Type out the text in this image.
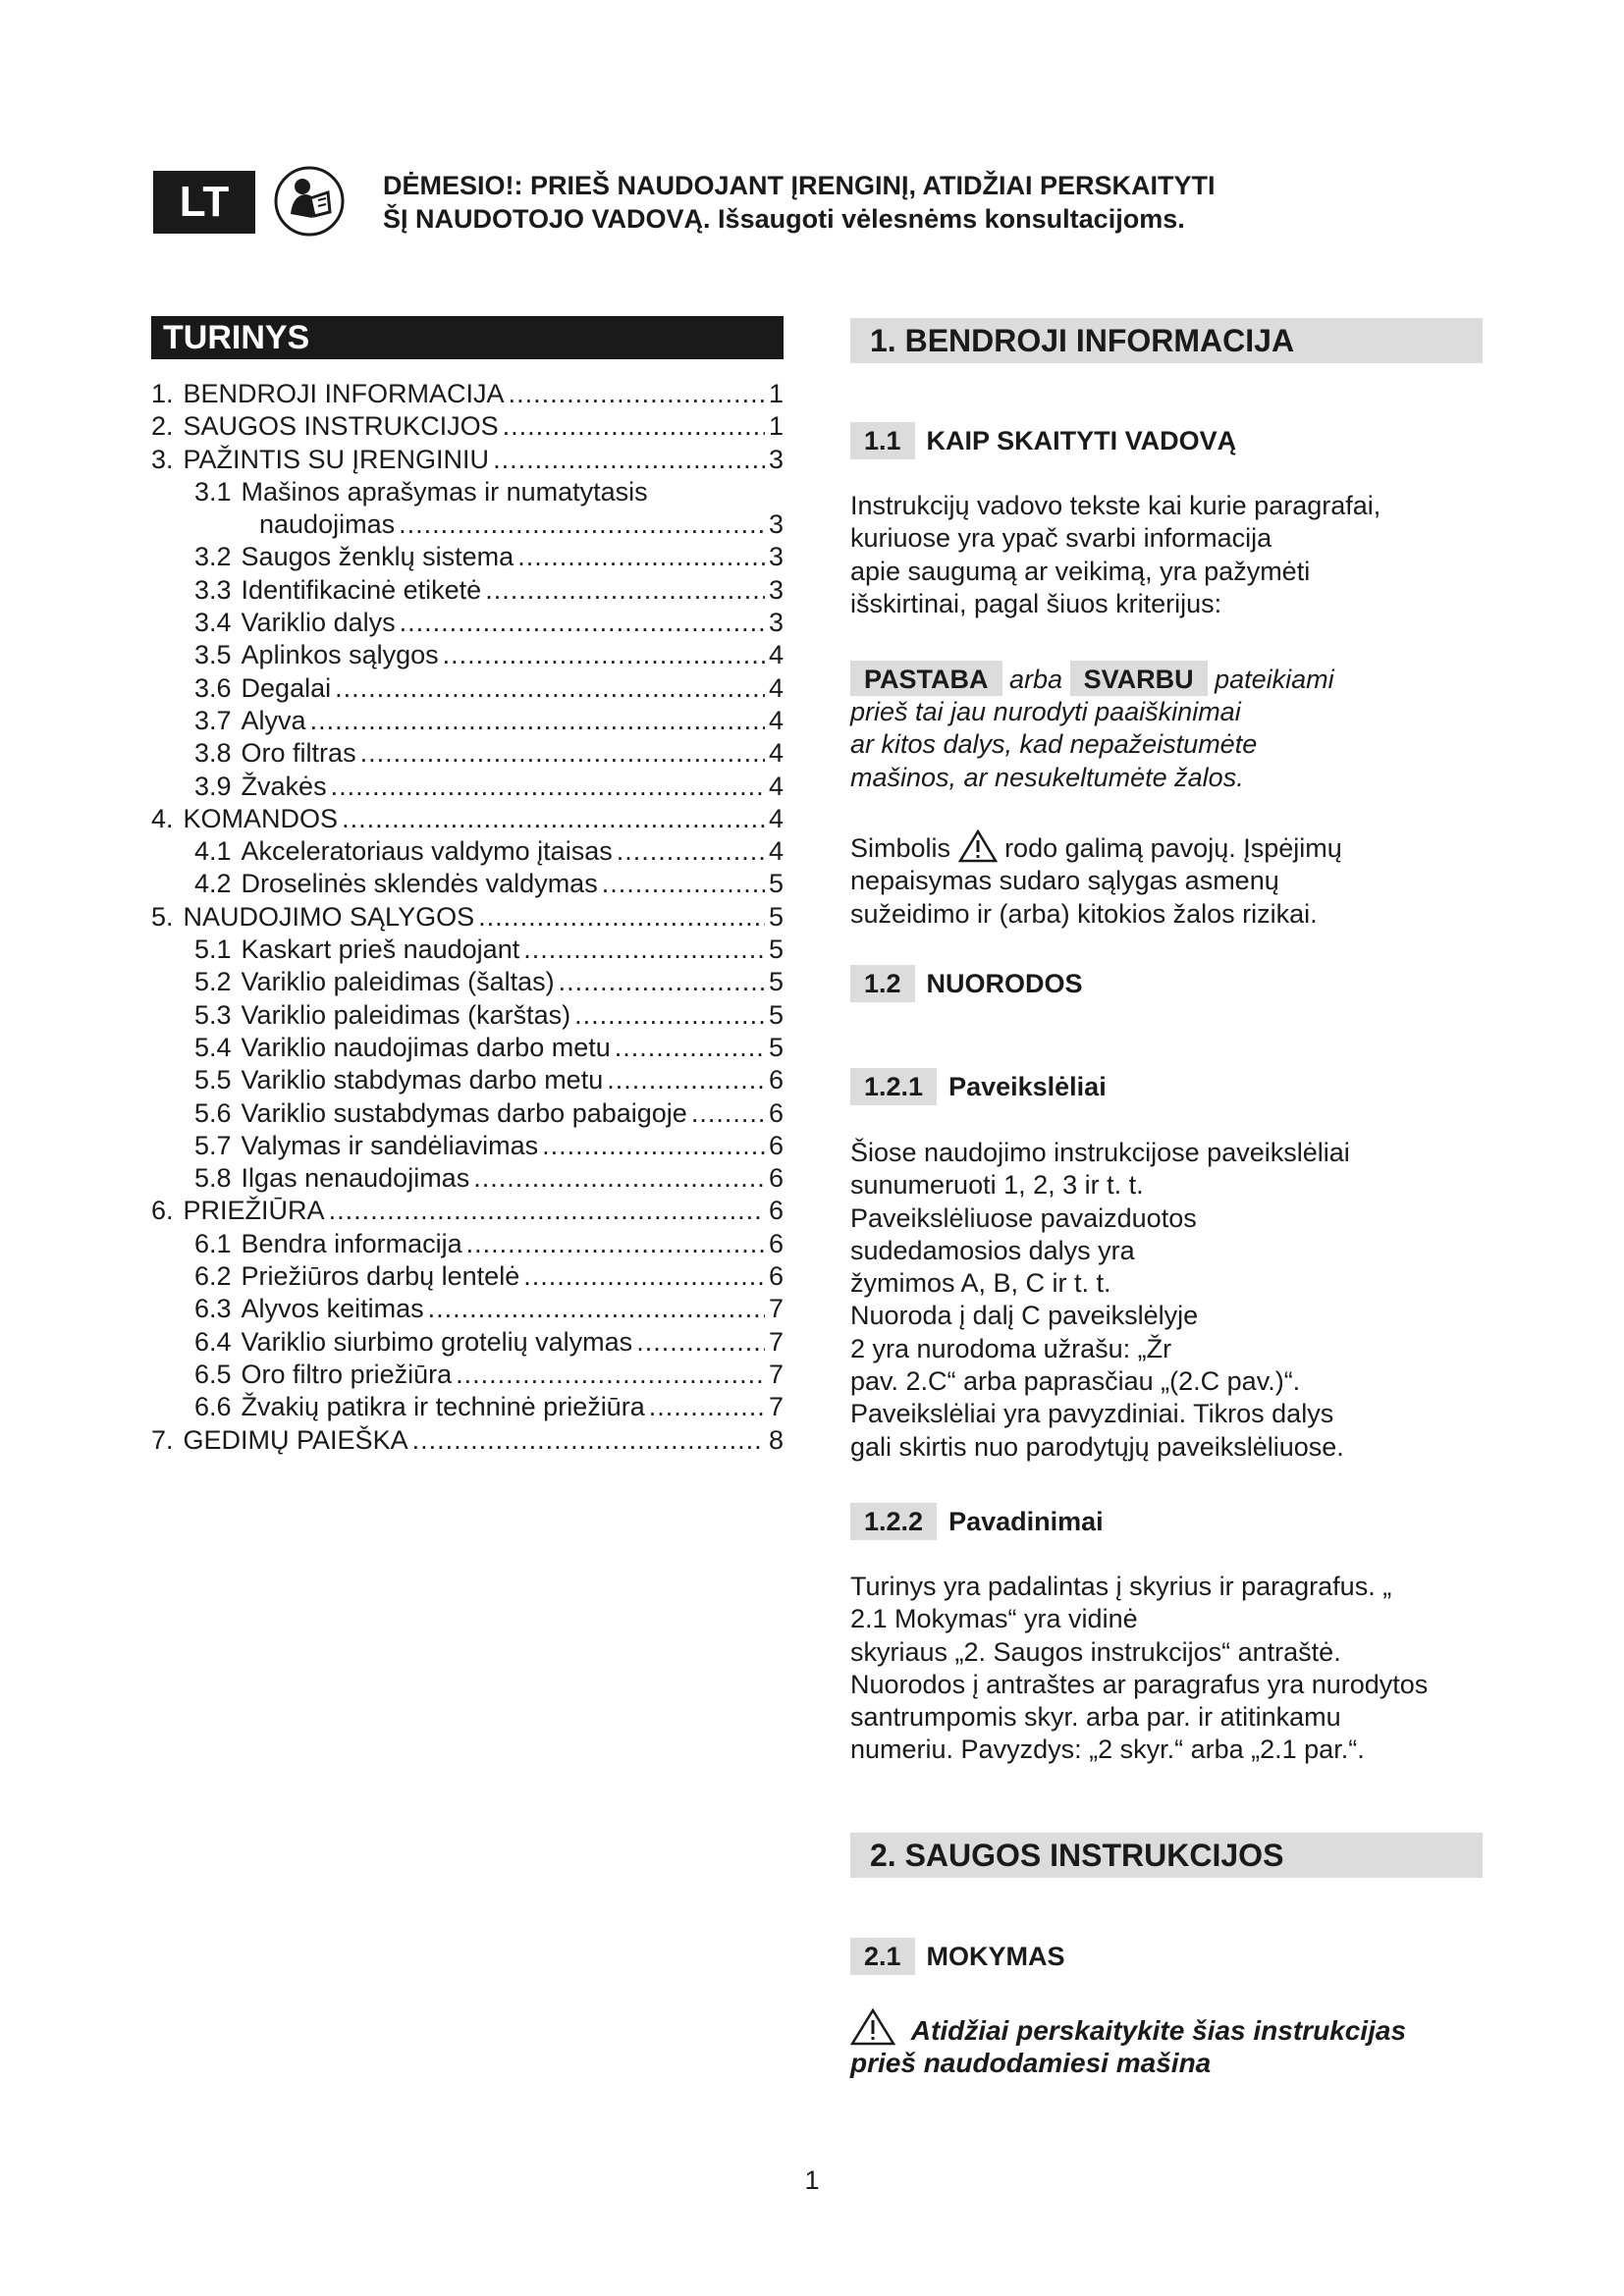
LT	DĖMESIO!: PRIEŠ NAUDOJANT ĮRENGINĮ, ATIDŽIAI PERSKAITYTI
ŠĮ NAUDOTOJO VADOVĄ. Išsaugoti vėlesnėms konsultacijoms.
TURINYS
1. BENDROJI INFORMACIJA .....	1
2. SAUGOS INSTRUKCIJOS .....	1
3. PAŽINTIS SU ĮRENGINIU .....	3
3.1 Mašinos aprašymas ir numatytasis
naudojimas .....	3
3.2 Saugos ženklų sistema .....	3
3.3 Identifikacinė etiketė .....	3
3.4 Variklio dalys .....	3
3.5 Aplinkos sąlygos .....	4
3.6 Degalai .....	4
3.7 Alyva .....	4
3.8 Oro filtras .....	4
3.9 Žvakės .....	4
4. KOMANDOS .....	4
4.1 Akceleratoriaus valdymo įtaisas .....	4
4.2 Droselinės sklendės valdymas .....	5
5. NAUDOJIMO SĄLYGOS .....	5
5.1 Kaskart prieš naudojant .....	5
5.2 Variklio paleidimas (šaltas) .....	5
5.3 Variklio paleidimas (karštas) .....	5
5.4 Variklio naudojimas darbo metu .....	5
5.5 Variklio stabdymas darbo metu .....	6
5.6 Variklio sustabdymas darbo pabaigoje .....	6
5.7 Valymas ir sandėliavimas .....	6
5.8 Ilgas nenaudojimas .....	6
6. PRIEŽIŪRA .....	6
6.1 Bendra informacija .....	6
6.2 Priežiūros darbų lentelė .....	6
6.3 Alyvos keitimas .....	7
6.4 Variklio siurbimo grotelių valymas .....	7
6.5 Oro filtro priežiūra .....	7
6.6 Žvakių patikra ir techninė priežiūra .....	7
7. GEDIMŲ PAIEŠKA .....	8
1. BENDROJI INFORMACIJA
1.1 KAIP SKAITYTI VADOVĄ
Instrukcijų vadovo tekste kai kurie paragrafai,
kuriuose yra ypač svarbi informacija
apie saugumą ar veikimą, yra pažymėti
išskirtinai, pagal šiuos kriterijus:
PASTABA arba SVARBU pateikiami
prieš tai jau nurodyti paaiškinimai
ar kitos dalys, kad nepažeistumėte
mašinos, ar nesukeltumėte žalos.
Simbolis rodo galimą pavojų. Įspėjimų
nepaisymas sudaro sąlygas asmenų
sužeidimo ir (arba) kitokios žalos rizikai.
1.2 NUORODOS
1.2.1 Paveikslėliai
Šiose naudojimo instrukcijose paveikslėliai
sunumeruoti 1, 2, 3 ir t. t.
Paveikslėliuose pavaizduotos
sudedamosios dalys yra
žymimos A, B, C ir t. t.
Nuoroda į dalį C paveikslėlyje
2 yra nurodoma užrašu: „Žr
pav. 2.C“ arba paprasčiau „(2.C pav.)“.
Paveikslėliai yra pavyzdiniai. Tikros dalys
gali skirtis nuo parodytųjų paveikslėliuose.
1.2.2 Pavadinimai
Turinys yra padalintas į skyrius ir paragrafus. „
2.1 Mokymas“ yra vidinė
skyriaus „2. Saugos instrukcijos“ antraštė.
Nuorodos į antraštes ar paragrafus yra nurodytos
santrumpomis skyr. arba par. ir atitinkamu
numeriu. Pavyzdys: „2 skyr.“ arba „2.1 par.“.
2. SAUGOS INSTRUKCIJOS
2.1 MOKYMAS
Atidžiai perskaitykite šias instrukcijas
prieš naudodamiesi mašina
1
